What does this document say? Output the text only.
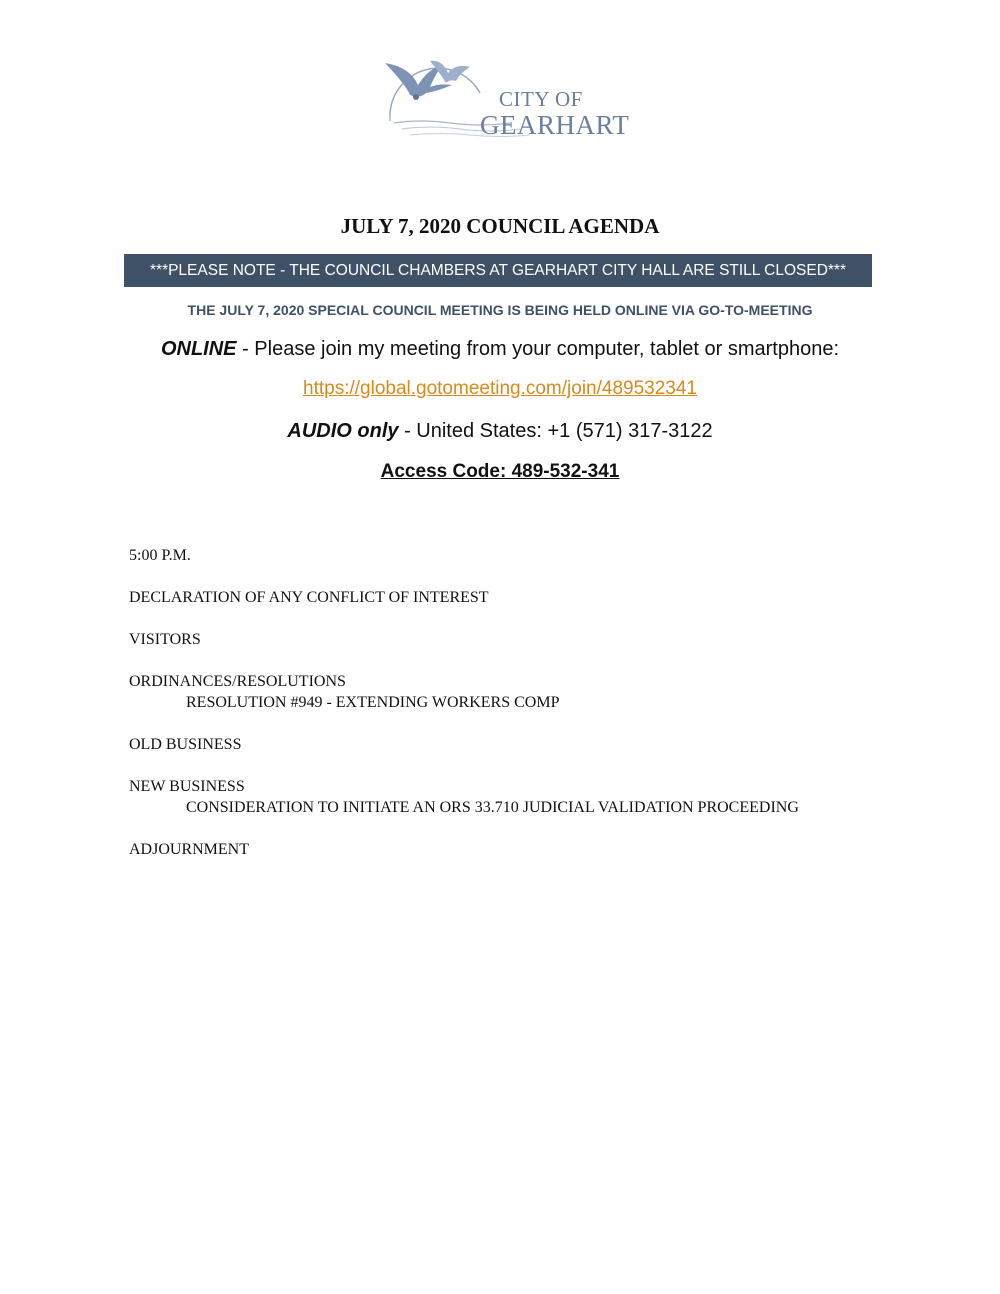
CITY OF
GEARHART
JULY 7, 2020 COUNCIL AGENDA
***PLEASE NOTE - THE COUNCIL CHAMBERS AT GEARHART CITY HALL ARE STILL CLOSED***
THE JULY 7, 2020 SPECIAL COUNCIL MEETING IS BEING HELD ONLINE VIA GO-TO-MEETING
ONLINE - Please join my meeting from your computer, tablet or smartphone:
https://global.gotomeeting.com/join/489532341
AUDIO only - United States: +1 (571) 317-3122
Access Code: 489-532-341
5:00 P.M.
DECLARATION OF ANY CONFLICT OF INTEREST
VISITORS
ORDINANCES/RESOLUTIONS
RESOLUTION #949 - EXTENDING WORKERS COMP
OLD BUSINESS
NEW BUSINESS
CONSIDERATION TO INITIATE AN ORS 33.710 JUDICIAL VALIDATION PROCEEDING
ADJOURNMENT
